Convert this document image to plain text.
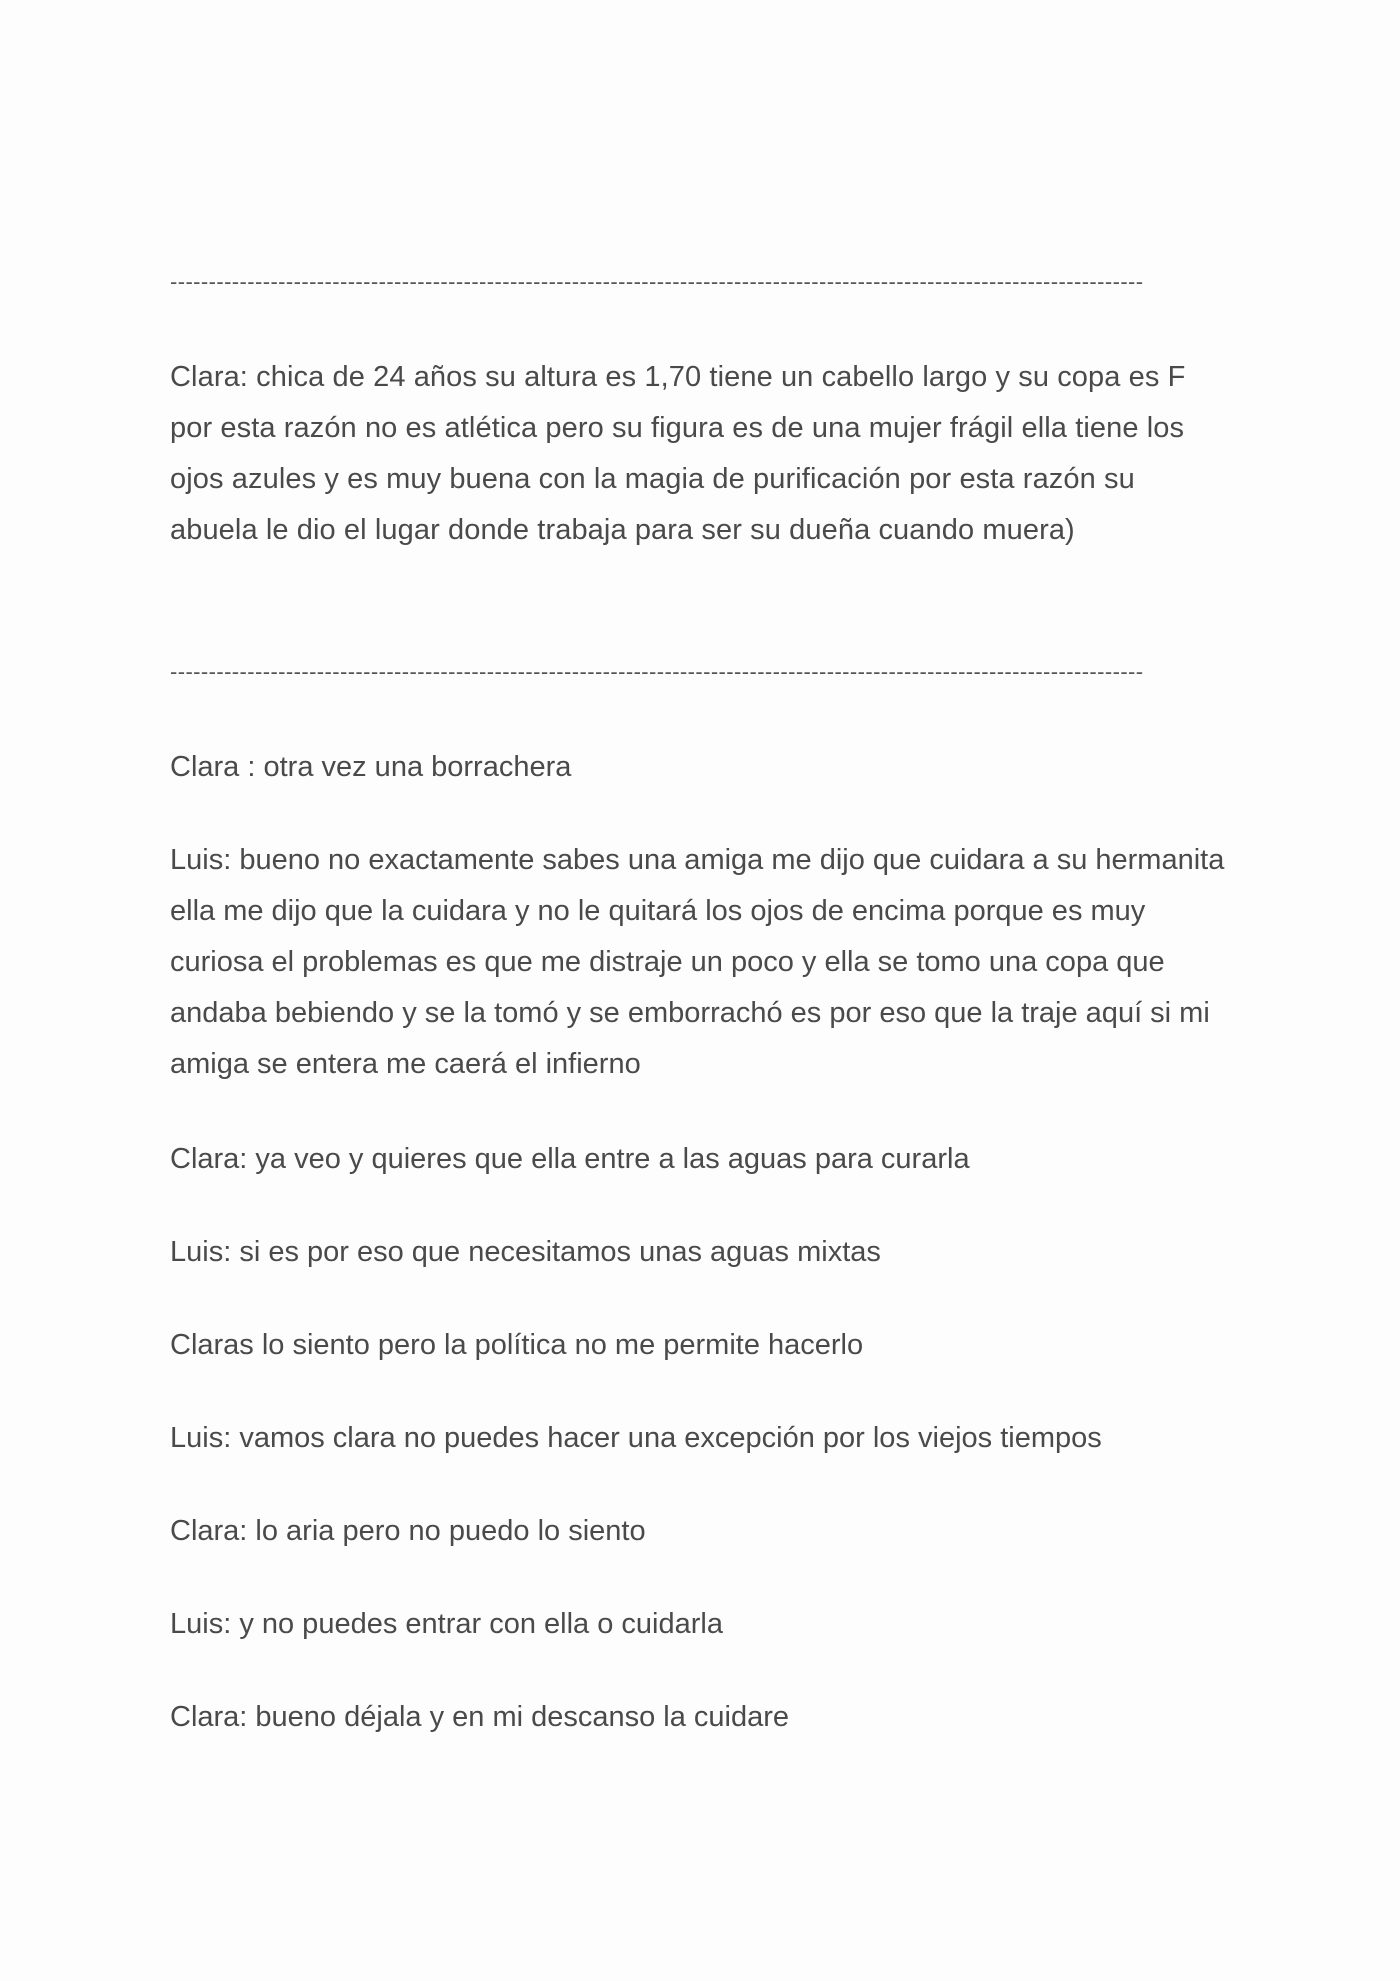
------------------------------------------------------------------------------------------------------------------------------
Clara: chica de 24 años su altura es 1,70 tiene un cabello largo y su copa es F por esta razón no es atlética pero su figura es de una mujer frágil ella tiene los ojos azules y es muy buena con la magia de purificación por esta razón su abuela le dio el lugar donde trabaja para ser su dueña cuando muera)
------------------------------------------------------------------------------------------------------------------------------
Clara : otra vez una borrachera
Luis: bueno no exactamente sabes una amiga me dijo que cuidara a su hermanita ella me dijo que la cuidara y no le quitará los ojos de encima porque es muy curiosa el problemas es que me distraje un poco y ella se tomo una copa que andaba bebiendo y se la tomó y se emborrachó es por eso que la traje aquí si mi amiga se entera me caerá el infierno
Clara: ya veo y quieres que ella entre a las aguas para curarla
Luis: si es por eso que necesitamos unas aguas mixtas
Claras lo siento pero la política no me permite hacerlo
Luis: vamos clara no puedes hacer una excepción por los viejos tiempos
Clara: lo aria pero no puedo lo siento
Luis: y no puedes entrar con ella o cuidarla
Clara: bueno déjala y en mi descanso la cuidare
